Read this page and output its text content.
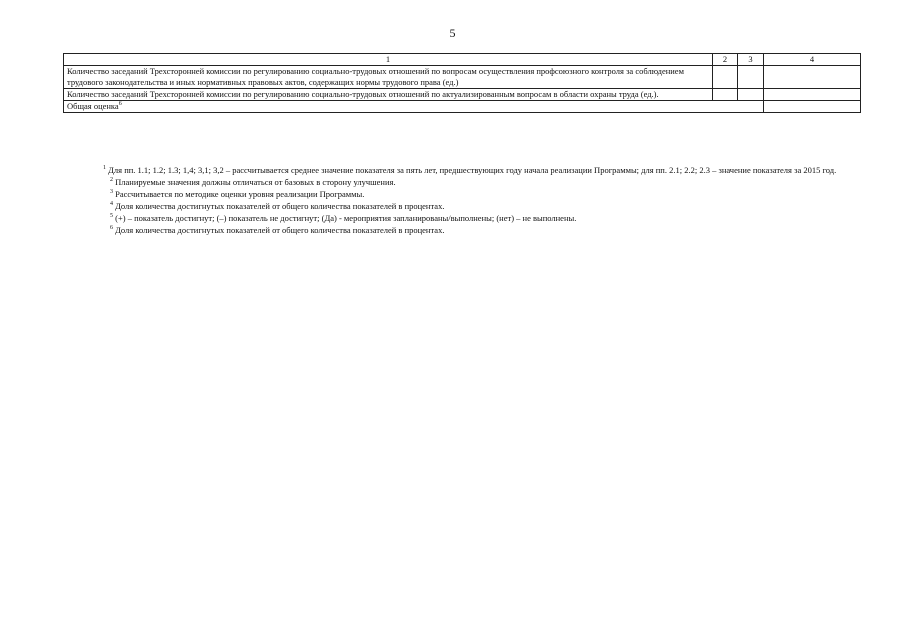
5
1	2	3	4
Количество заседаний Трехсторонней комиссии по регулированию социально-трудовых отношений по вопросам осуществления профсоюзного контроля за соблюдением трудового законодательства и иных нормативных правовых актов, содержащих нормы трудового права (ед.)			
Количество заседаний Трехсторонней комиссии по регулированию социально-трудовых отношений по актуализированным вопросам в области охраны труда (ед.).			
Общая оценка$^6$	

$^1$ Для пп. 1.1; 1.2; 1.3; 1,4; 3,1; 3,2 – рассчитывается среднее значение показателя за пять лет, предшествующих году начала реализации Программы; для пп. 2.1; 2.2; 2.3 – значение показателя за 2015 год.

$^2$ Планируемые значения должны отличаться от базовых в сторону улучшения.

$^3$ Рассчитывается по методике оценки уровня реализации Программы.

$^4$ Доля количества достигнутых показателей от общего количества показателей в процентах.

$^5$ (+) – показатель достигнут; (–) показатель не достигнут; (Да) - мероприятия запланированы/выполнены; (нет) – не выполнены.

$^6$ Доля количества достигнутых показателей от общего количества показателей в процентах.
